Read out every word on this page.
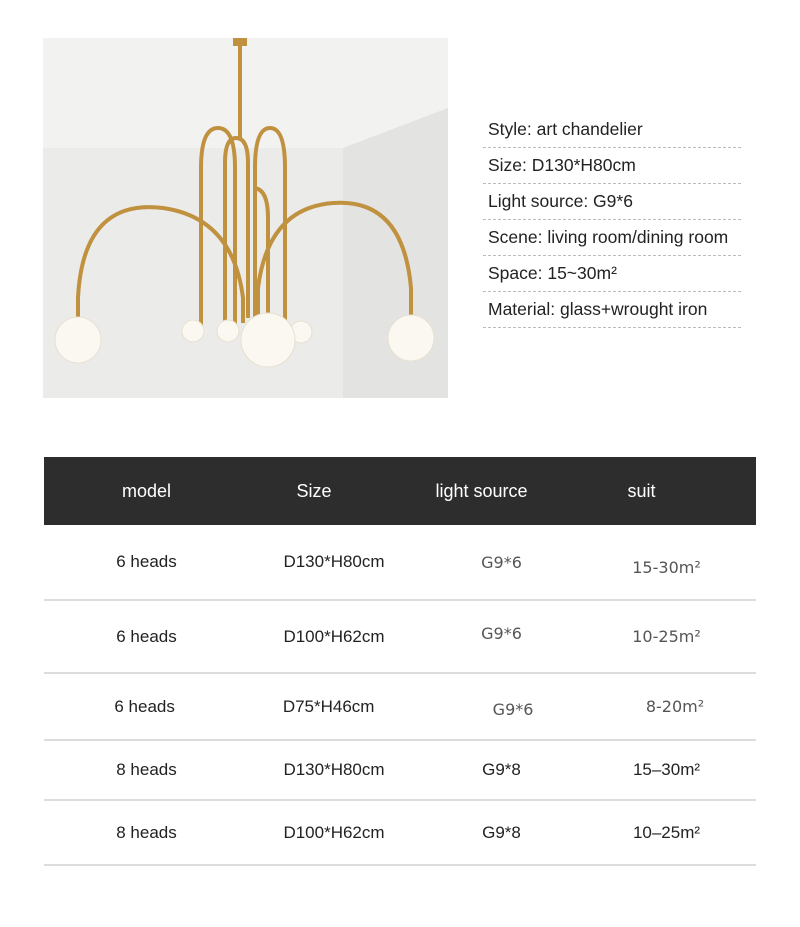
Style: art chandelier
Size: D130*H80cm
Light source: G9*6
Scene: living room/dining room
Space: 15~30m²
Material: glass+wrought iron
model	Size	light source	suit
6 heads	D130*H80cm	G9*6	15-30m²
6 heads	D100*H62cm	G9*6	10-25m²
6 heads	D75*H46cm	G9*6	8-20m²
8 heads	D130*H80cm	G9*8	15–30m²
8 heads	D100*H62cm	G9*8	10–25m²
